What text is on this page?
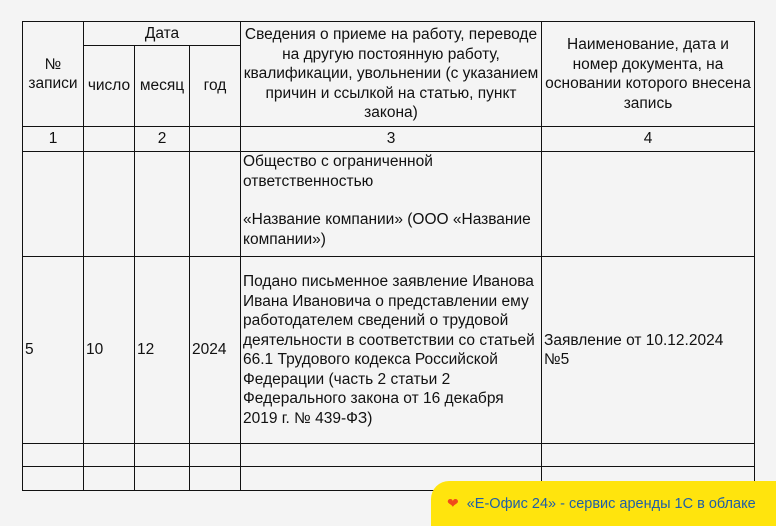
№ записи	Дата			Сведения о приеме на работу, переводе на другую постоянную работу, квалификации, увольнении (с указанием причин и ссылкой на статью, пункт закона)	Наименование, дата и номер документа, на основании которого внесена запись
	число	месяц	год		
1		2		3	4

				Общество с ограниченной ответственностью
«Название компании» (ООО «Название компании»)	

5	10	12	2024	Подано письменное заявление Иванова Ивана Ивановича о представлении ему работодателем сведений о трудовой деятельности в соответствии со статьей 66.1 Трудового кодекса Российской Федерации (часть 2 статьи 2 Федерального закона от 16 декабря 2019 г. № 439-ФЗ)	Заявление от 10.12.2024 №5

❤ «Е-Офис 24» - сервис аренды 1С в облаке
